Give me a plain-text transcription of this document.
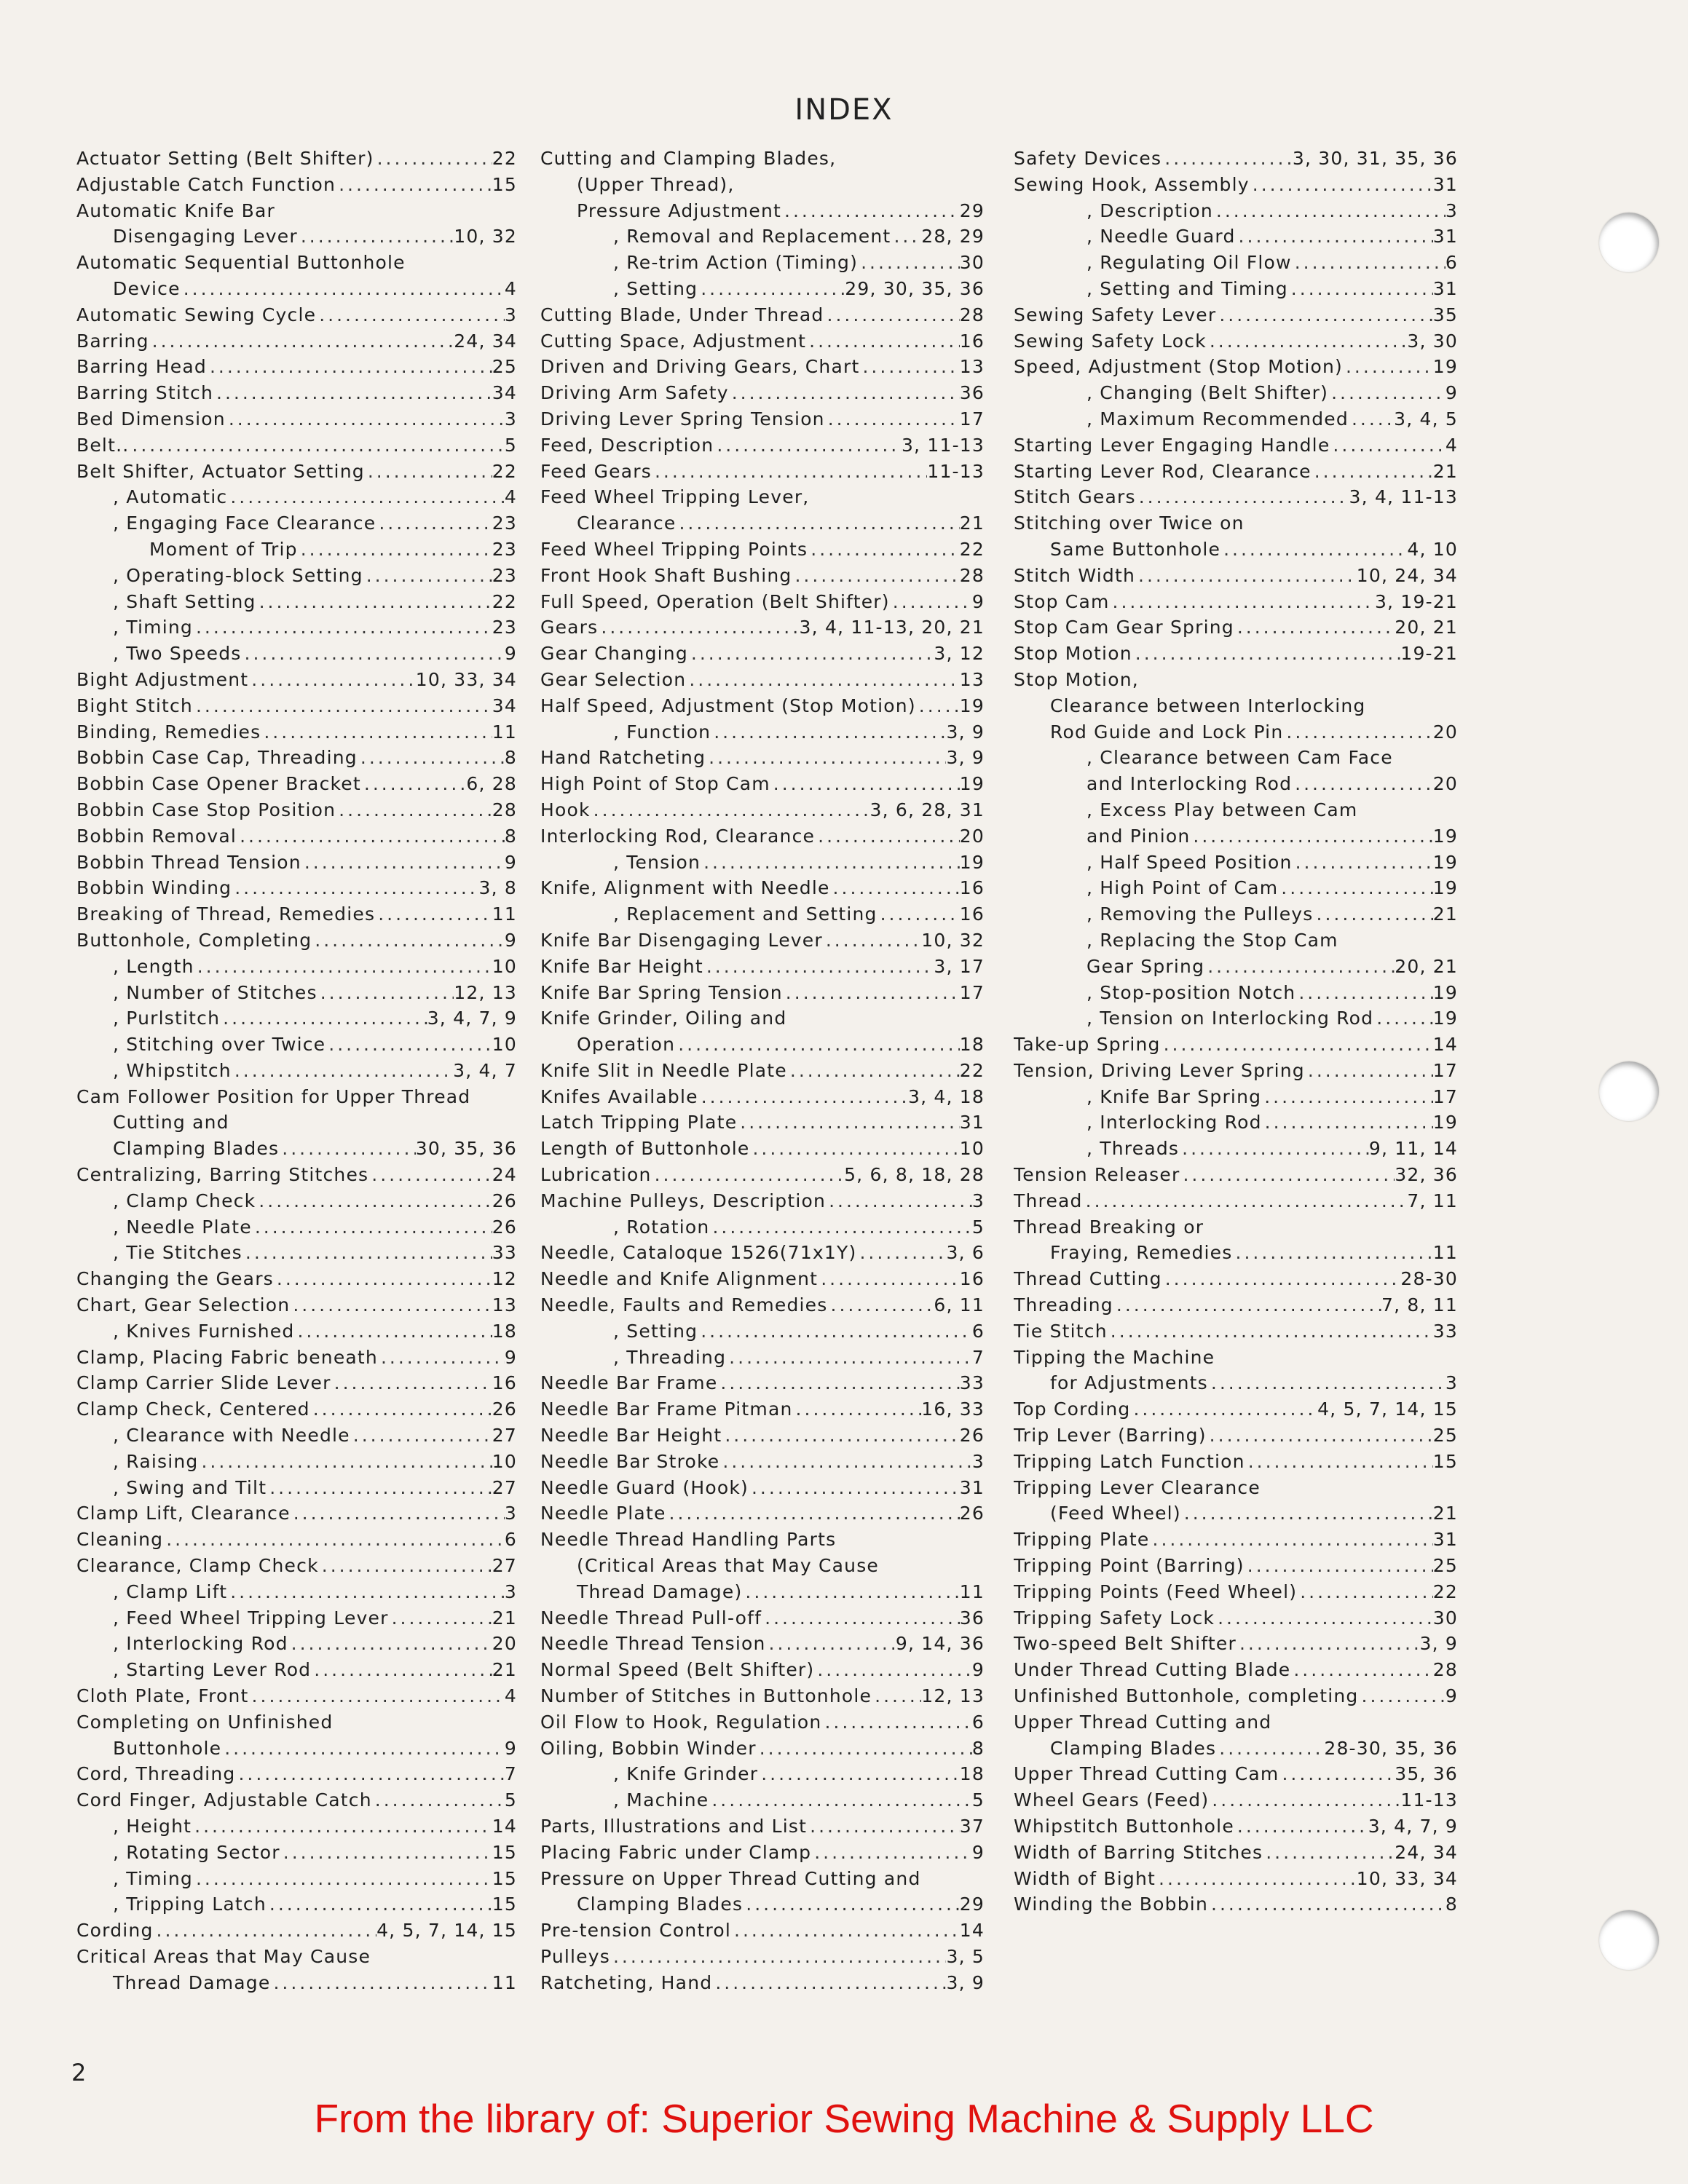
INDEX
Actuator Setting (Belt Shifter) .....	22
Adjustable Catch Function .....	15
Automatic Knife Bar
Disengaging Lever .....	10, 32
Automatic Sequential Buttonhole
Device .....	4
Automatic Sewing Cycle .....	3
Barring .....	24, 34
Barring Head .....	25
Barring Stitch .....	34
Bed Dimension .....	3
Belt.. .....	5
Belt Shifter, Actuator Setting .....	22
, Automatic .....	4
, Engaging Face Clearance .....	23
Moment of Trip .....	23
, Operating-block Setting .....	23
, Shaft Setting .....	22
, Timing .....	23
, Two Speeds .....	9
Bight Adjustment .....	10, 33, 34
Bight Stitch .....	34
Binding, Remedies .....	11
Bobbin Case Cap, Threading .....	8
Bobbin Case Opener Bracket .....	6, 28
Bobbin Case Stop Position .....	28
Bobbin Removal .....	8
Bobbin Thread Tension .....	9
Bobbin Winding .....	3, 8
Breaking of Thread, Remedies .....	11
Buttonhole, Completing .....	9
, Length .....	10
, Number of Stitches .....	12, 13
, Purlstitch .....	3, 4, 7, 9
, Stitching over Twice .....	10
, Whipstitch .....	3, 4, 7
Cam Follower Position for Upper Thread
Cutting and
Clamping Blades .....	30, 35, 36
Centralizing, Barring Stitches .....	24
, Clamp Check .....	26
, Needle Plate .....	26
, Tie Stitches .....	33
Changing the Gears .....	12
Chart, Gear Selection .....	13
, Knives Furnished .....	18
Clamp, Placing Fabric beneath .....	9
Clamp Carrier Slide Lever .....	16
Clamp Check, Centered .....	26
, Clearance with Needle .....	27
, Raising .....	10
, Swing and Tilt .....	27
Clamp Lift, Clearance .....	3
Cleaning .....	6
Clearance, Clamp Check .....	27
, Clamp Lift .....	3
, Feed Wheel Tripping Lever .....	21
, Interlocking Rod .....	20
, Starting Lever Rod .....	21
Cloth Plate, Front .....	4
Completing on Unfinished
Buttonhole .....	9
Cord, Threading .....	7
Cord Finger, Adjustable Catch .....	5
, Height .....	14
, Rotating Sector .....	15
, Timing .....	15
, Tripping Latch .....	15
Cording .....	4, 5, 7, 14, 15
Critical Areas that May Cause
Thread Damage .....	11
Cutting and Clamping Blades,
(Upper Thread),
Pressure Adjustment .....	29
, Removal and Replacement ..... 28, 29
, Re-trim Action (Timing) .....	30
, Setting .....	29, 30, 35, 36
Cutting Blade, Under Thread .....	28
Cutting Space, Adjustment .....	16
Driven and Driving Gears, Chart .....	13
Driving Arm Safety .....	36
Driving Lever Spring Tension .....	17
Feed, Description .....	3, 11-13
Feed Gears .....	11-13
Feed Wheel Tripping Lever,
Clearance .....	21
Feed Wheel Tripping Points .....	22
Front Hook Shaft Bushing .....	28
Full Speed, Operation (Belt Shifter) .....	9
Gears .....	3, 4, 11-13, 20, 21
Gear Changing .....	3, 12
Gear Selection .....	13
Half Speed, Adjustment (Stop Motion) ..... 19
, Function .....	3, 9
Hand Ratcheting .....	3, 9
High Point of Stop Cam .....	19
Hook .....	3, 6, 28, 31
Interlocking Rod, Clearance .....	20
, Tension .....	19
Knife, Alignment with Needle .....	16
, Replacement and Setting .....	16
Knife Bar Disengaging Lever .....	10, 32
Knife Bar Height .....	3, 17
Knife Bar Spring Tension .....	17
Knife Grinder, Oiling and
Operation .....	18
Knife Slit in Needle Plate .....	22
Knifes Available .....	3, 4, 18
Latch Tripping Plate .....	31
Length of Buttonhole .....	10
Lubrication .....	5, 6, 8, 18, 28
Machine Pulleys, Description .....	3
, Rotation .....	5
Needle, Cataloque 1526(71x1Y) .....	3, 6
Needle and Knife Alignment .....	16
Needle, Faults and Remedies .....	6, 11
, Setting .....	6
, Threading .....	7
Needle Bar Frame .....	33
Needle Bar Frame Pitman .....	16, 33
Needle Bar Height .....	26
Needle Bar Stroke .....	3
Needle Guard (Hook) .....	31
Needle Plate .....	26
Needle Thread Handling Parts
(Critical Areas that May Cause
Thread Damage) .....	11
Needle Thread Pull-off .....	36
Needle Thread Tension .....	9, 14, 36
Normal Speed (Belt Shifter) .....	9
Number of Stitches in Buttonhole .....	12, 13
Oil Flow to Hook, Regulation .....	6
Oiling, Bobbin Winder .....	8
, Knife Grinder .....	18
, Machine .....	5
Parts, Illustrations and List .....	37
Placing Fabric under Clamp .....	9
Pressure on Upper Thread Cutting and
Clamping Blades .....	29
Pre-tension Control .....	14
Pulleys .....	3, 5
Ratcheting, Hand .....	3, 9
Safety Devices .....	3, 30, 31, 35, 36
Sewing Hook, Assembly .....	31
, Description .....	3
, Needle Guard .....	31
, Regulating Oil Flow .....	6
, Setting and Timing .....	31
Sewing Safety Lever .....	35
Sewing Safety Lock .....	3, 30
Speed, Adjustment (Stop Motion) .....	19
, Changing (Belt Shifter) .....	9
, Maximum Recommended ..... 3, 4, 5
Starting Lever Engaging Handle .....	4
Starting Lever Rod, Clearance .....	21
Stitch Gears .....	3, 4, 11-13
Stitching over Twice on
Same Buttonhole .....	4, 10
Stitch Width .....	10, 24, 34
Stop Cam .....	3, 19-21
Stop Cam Gear Spring .....	20, 21
Stop Motion .....	19-21
Stop Motion,
Clearance between Interlocking
Rod Guide and Lock Pin .....	20
, Clearance between Cam Face
and Interlocking Rod .....	20
, Excess Play between Cam
and Pinion .....	19
, Half Speed Position .....	19
, High Point of Cam .....	19
, Removing the Pulleys .....	21
, Replacing the Stop Cam
Gear Spring .....	20, 21
, Stop-position Notch .....	19
, Tension on Interlocking Rod .....	19
Take-up Spring .....	14
Tension, Driving Lever Spring .....	17
, Knife Bar Spring .....	17
, Interlocking Rod .....	19
, Threads .....	9, 11, 14
Tension Releaser .....	32, 36
Thread .....	7, 11
Thread Breaking or
Fraying, Remedies .....	11
Thread Cutting .....	28-30
Threading .....	7, 8, 11
Tie Stitch .....	33
Tipping the Machine
for Adjustments .....	3
Top Cording .....	4, 5, 7, 14, 15
Trip Lever (Barring) .....	25
Tripping Latch Function .....	15
Tripping Lever Clearance
(Feed Wheel) .....	21
Tripping Plate .....	31
Tripping Point (Barring) .....	25
Tripping Points (Feed Wheel) .....	22
Tripping Safety Lock .....	30
Two-speed Belt Shifter .....	3, 9
Under Thread Cutting Blade .....	28
Unfinished Buttonhole, completing .....	9
Upper Thread Cutting and
Clamping Blades .....	28-30, 35, 36
Upper Thread Cutting Cam .....	35, 36
Wheel Gears (Feed) .....	11-13
Whipstitch Buttonhole .....	3, 4, 7, 9
Width of Barring Stitches .....	24, 34
Width of Bight .....	10, 33, 34
Winding the Bobbin .....	8
2
From the library of: Superior Sewing Machine & Supply LLC
